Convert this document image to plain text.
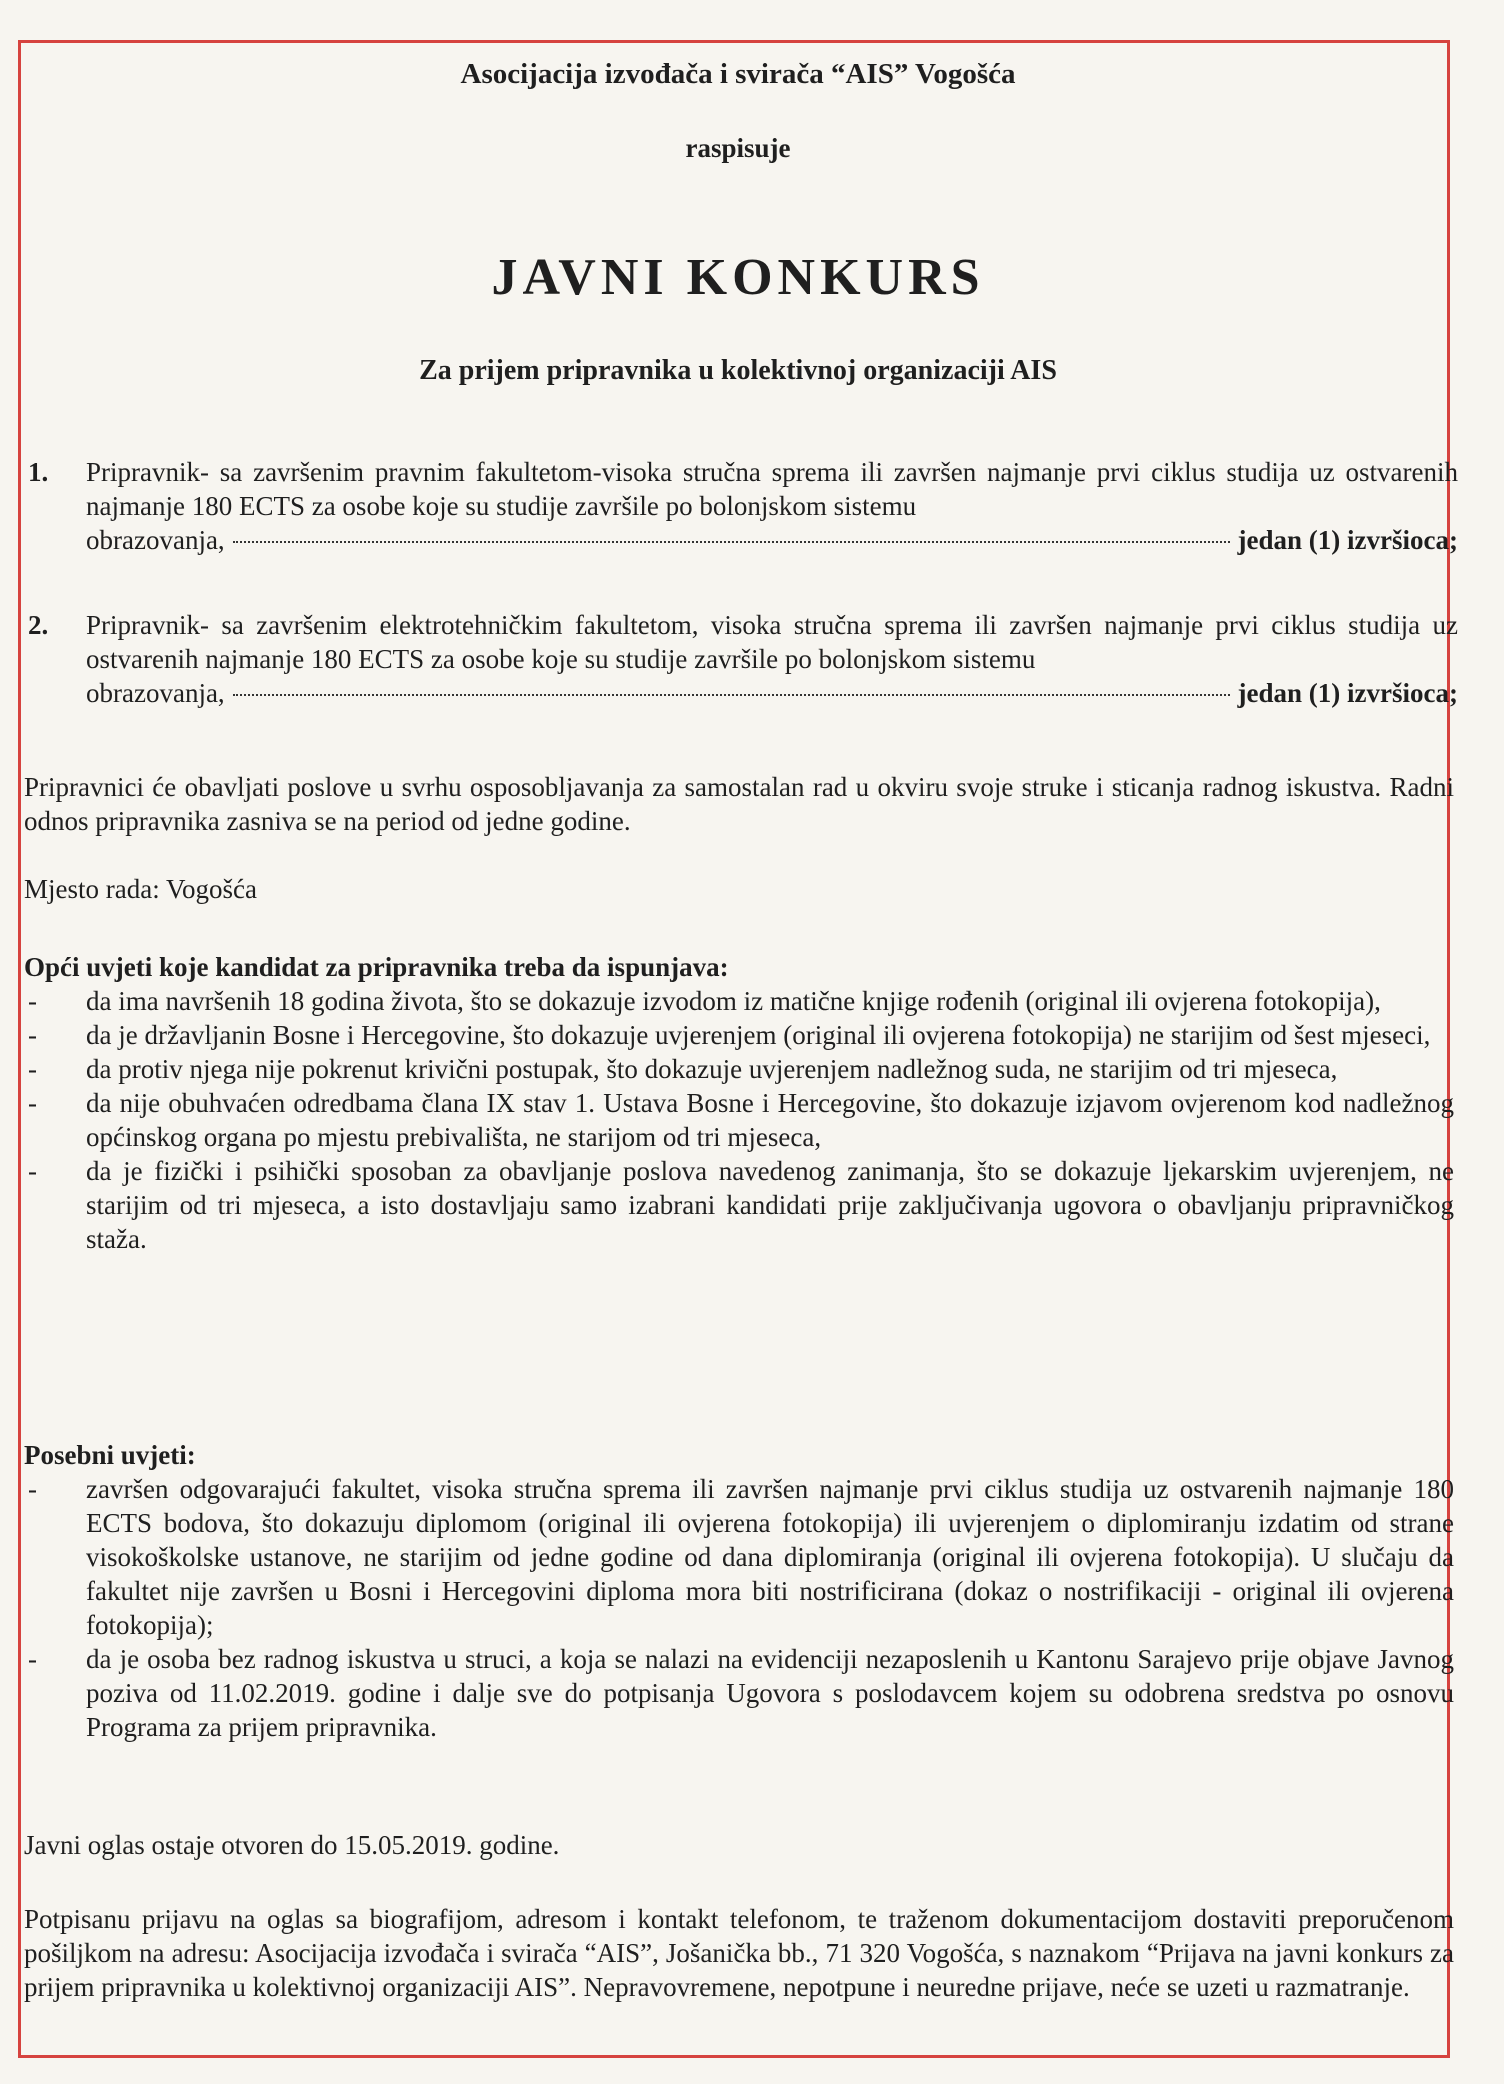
Asocijacija izvođača i svirača “AIS” Vogošća
raspisuje
JAVNI KONKURS
Za prijem pripravnika u kolektivnoj organizaciji AIS
1. Pripravnik- sa završenim pravnim fakultetom-visoka stručna sprema ili završen najmanje prvi ciklus studija uz ostvarenih najmanje 180 ECTS za osobe koje su studije završile po bolonjskom sistemu
obrazovanja,	jedan (1) izvršioca;
2. Pripravnik- sa završenim elektrotehničkim fakultetom, visoka stručna sprema ili završen najmanje prvi ciklus studija uz ostvarenih najmanje 180 ECTS za osobe koje su studije završile po bolonjskom sistemu
obrazovanja,	jedan (1) izvršioca;
Pripravnici će obavljati poslove u svrhu osposobljavanja za samostalan rad u okviru svoje struke i sticanja radnog iskustva. Radni odnos pripravnika zasniva se na period od jedne godine.
Mjesto rada: Vogošća
Opći uvjeti koje kandidat za pripravnika treba da ispunjava:
- da ima navršenih 18 godina života, što se dokazuje izvodom iz matične knjige rođenih (original ili ovjerena fotokopija),
- da je državljanin Bosne i Hercegovine, što dokazuje uvjerenjem (original ili ovjerena fotokopija) ne starijim od šest mjeseci,
- da protiv njega nije pokrenut krivični postupak, što dokazuje uvjerenjem nadležnog suda, ne starijim od tri mjeseca,
- da nije obuhvaćen odredbama člana IX stav 1. Ustava Bosne i Hercegovine, što dokazuje izjavom ovjerenom kod nadležnog općinskog organa po mjestu prebivališta, ne starijom od tri mjeseca,
- da je fizički i psihički sposoban za obavljanje poslova navedenog zanimanja, što se dokazuje ljekarskim uvjerenjem, ne starijim od tri mjeseca, a isto dostavljaju samo izabrani kandidati prije zaključivanja ugovora o obavljanju pripravničkog staža.
Posebni uvjeti:
- završen odgovarajući fakultet, visoka stručna sprema ili završen najmanje prvi ciklus studija uz ostvarenih najmanje 180 ECTS bodova, što dokazuju diplomom (original ili ovjerena fotokopija) ili uvjerenjem o diplomiranju izdatim od strane visokoškolske ustanove, ne starijim od jedne godine od dana diplomiranja (original ili ovjerena fotokopija). U slučaju da fakultet nije završen u Bosni i Hercegovini diploma mora biti nostrificirana (dokaz o nostrifikaciji - original ili ovjerena fotokopija);
- da je osoba bez radnog iskustva u struci, a koja se nalazi na evidenciji nezaposlenih u Kantonu Sarajevo prije objave Javnog poziva od 11.02.2019. godine i dalje sve do potpisanja Ugovora s poslodavcem kojem su odobrena sredstva po osnovu Programa za prijem pripravnika.
Javni oglas ostaje otvoren do 15.05.2019. godine.
Potpisanu prijavu na oglas sa biografijom, adresom i kontakt telefonom, te traženom dokumentacijom dostaviti preporučenom pošiljkom na adresu: Asocijacija izvođača i svirača “AIS”, Jošanička bb., 71 320 Vogošća, s naznakom “Prijava na javni konkurs za prijem pripravnika u kolektivnoj organizaciji AIS”. Nepravovremene, nepotpune i neuredne prijave, neće se uzeti u razmatranje.
